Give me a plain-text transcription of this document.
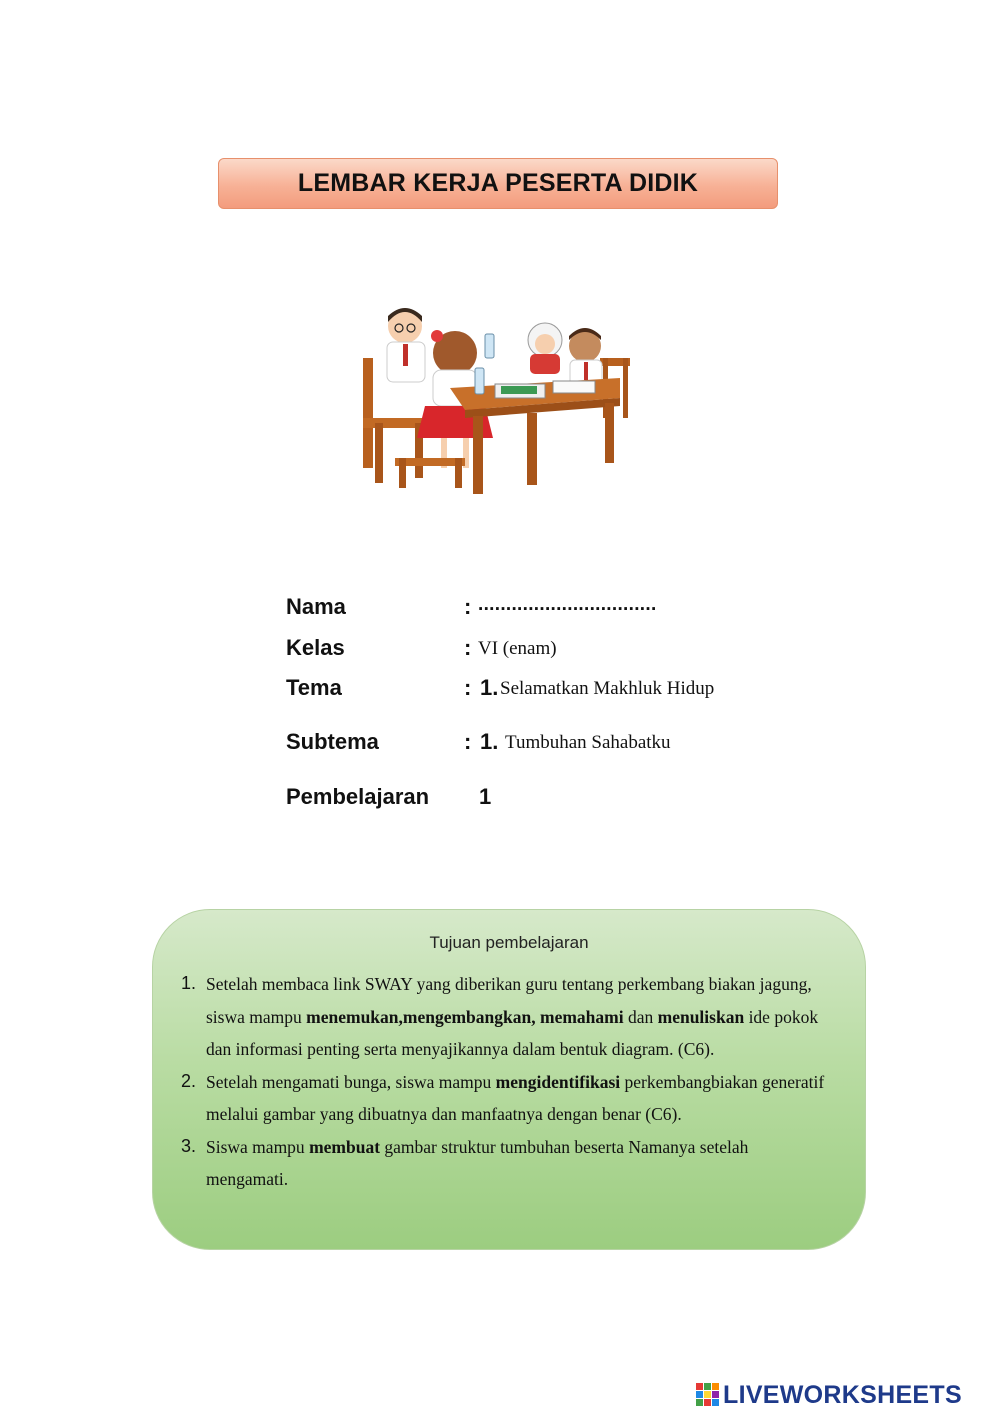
LEMBAR KERJA PESERTA DIDIK
Nama	: ................................
Kelas	: VI (enam)
Tema	: 1. Selamatkan Makhluk Hidup
Subtema	: 1. Tumbuhan Sahabatku
Pembelajaran 1
Tujuan pembelajaran
1. Setelah membaca link SWAY yang diberikan guru tentang perkembang biakan jagung,
siswa mampu menemukan,mengembangkan, memahami dan menuliskan ide pokok
dan informasi penting serta menyajikannya dalam bentuk diagram. (C6).
2. Setelah mengamati bunga, siswa mampu mengidentifikasi perkembangbiakan generatif
melalui gambar yang dibuatnya dan manfaatnya dengan benar (C6).
3. Siswa mampu membuat gambar struktur tumbuhan beserta Namanya setelah
mengamati.
LIVEWORKSHEETS
